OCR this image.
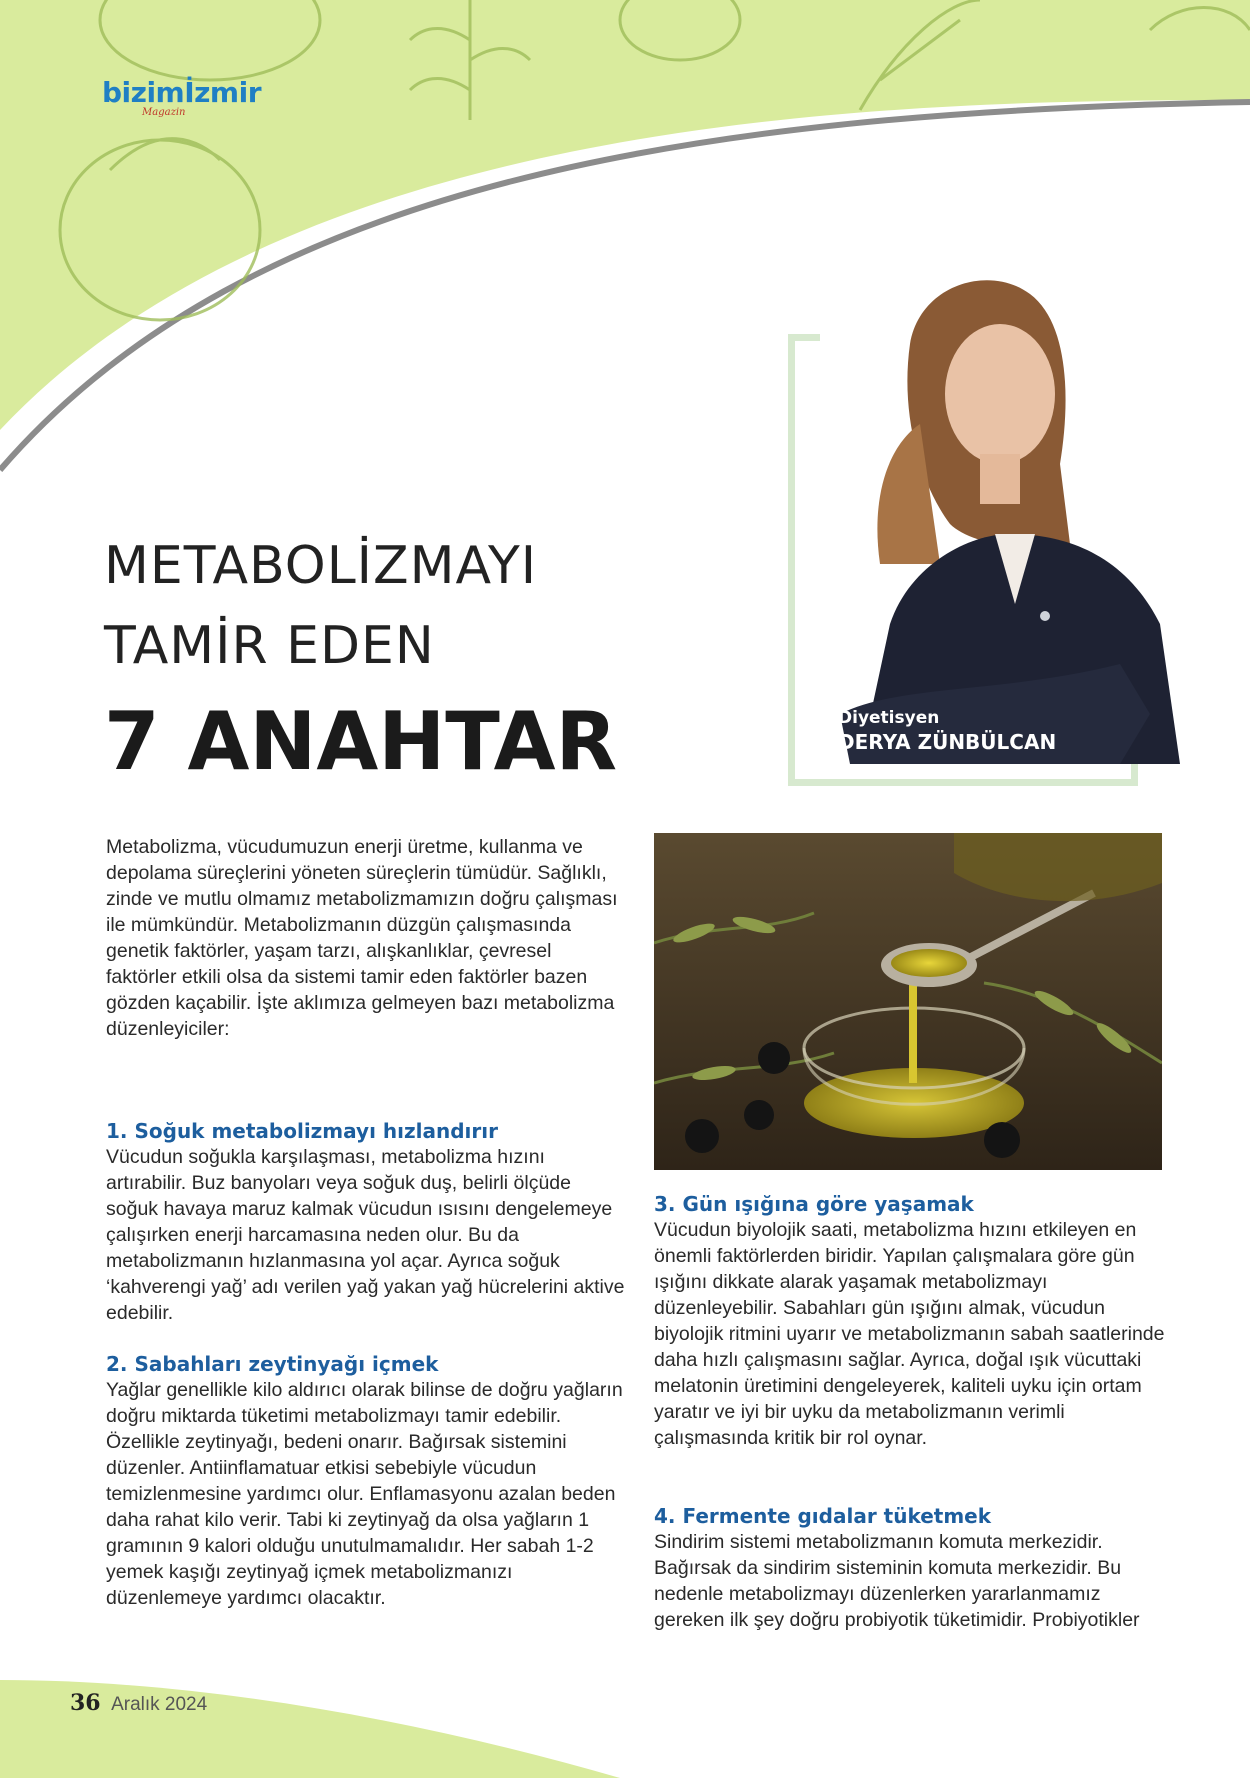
bizimİzmir
Magazin
METABOLİZMAYI
TAMİR EDEN
7 ANAHTAR	Diyetisyen
DERYA ZÜNBÜLCAN

Metabolizma, vücudumuzun enerji üretme, kullanma ve depolama süreçlerini yöneten süreçlerin tümüdür. Sağlıklı, zinde ve mutlu olmamız metabolizmamızın doğru çalışması ile mümkündür. Metabolizmanın düzgün çalışmasında genetik faktörler, yaşam tarzı, alışkanlıklar, çevresel faktörler etkili olsa da sistemi tamir eden faktörler bazen gözden kaçabilir. İşte aklımıza gelmeyen bazı metabolizma düzenleyiciler:

1. Soğuk metabolizmayı hızlandırır

Vücudun soğukla karşılaşması, metabolizma hızını artırabilir. Buz banyoları veya soğuk duş, belirli ölçüde soğuk havaya maruz kalmak vücudun ısısını dengelemeye çalışırken enerji harcamasına neden olur. Bu da metabolizmanın hızlanmasına yol açar. Ayrıca soğuk ‘kahverengi yağ’ adı verilen yağ yakan yağ hücrelerini aktive edebilir.

2. Sabahları zeytinyağı içmek

Yağlar genellikle kilo aldırıcı olarak bilinse de doğru yağların doğru miktarda tüketimi metabolizmayı tamir edebilir. Özellikle zeytinyağı, bedeni onarır. Bağırsak sistemini düzenler. Antiinflamatuar etkisi sebebiyle vücudun temizlenmesine yardımcı olur. Enflamasyonu azalan beden daha rahat kilo verir. Tabi ki zeytinyağ da olsa yağların 1 gramının 9 kalori olduğu unutulmamalıdır. Her sabah 1-2 yemek kaşığı zeytinyağ içmek metabolizmanızı düzenlemeye yardımcı olacaktır.

3. Gün ışığına göre yaşamak

Vücudun biyolojik saati, metabolizma hızını etkileyen en önemli faktörlerden biridir. Yapılan çalışmalara göre gün ışığını dikkate alarak yaşamak metabolizmayı düzenleyebilir. Sabahları gün ışığını almak, vücudun biyolojik ritmini uyarır ve metabolizmanın sabah saatlerinde daha hızlı çalışmasını sağlar. Ayrıca, doğal ışık vücuttaki melatonin üretimini dengeleyerek, kaliteli uyku için ortam yaratır ve iyi bir uyku da metabolizmanın verimli çalışmasında kritik bir rol oynar.

4. Fermente gıdalar tüketmek

Sindirim sistemi metabolizmanın komuta merkezidir. Bağırsak da sindirim sisteminin komuta merkezidir. Bu nedenle metabolizmayı düzenlerken yararlanmamız gereken ilk şey doğru probiyotik tüketimidir. Probiyotikler

36 Aralık 2024
